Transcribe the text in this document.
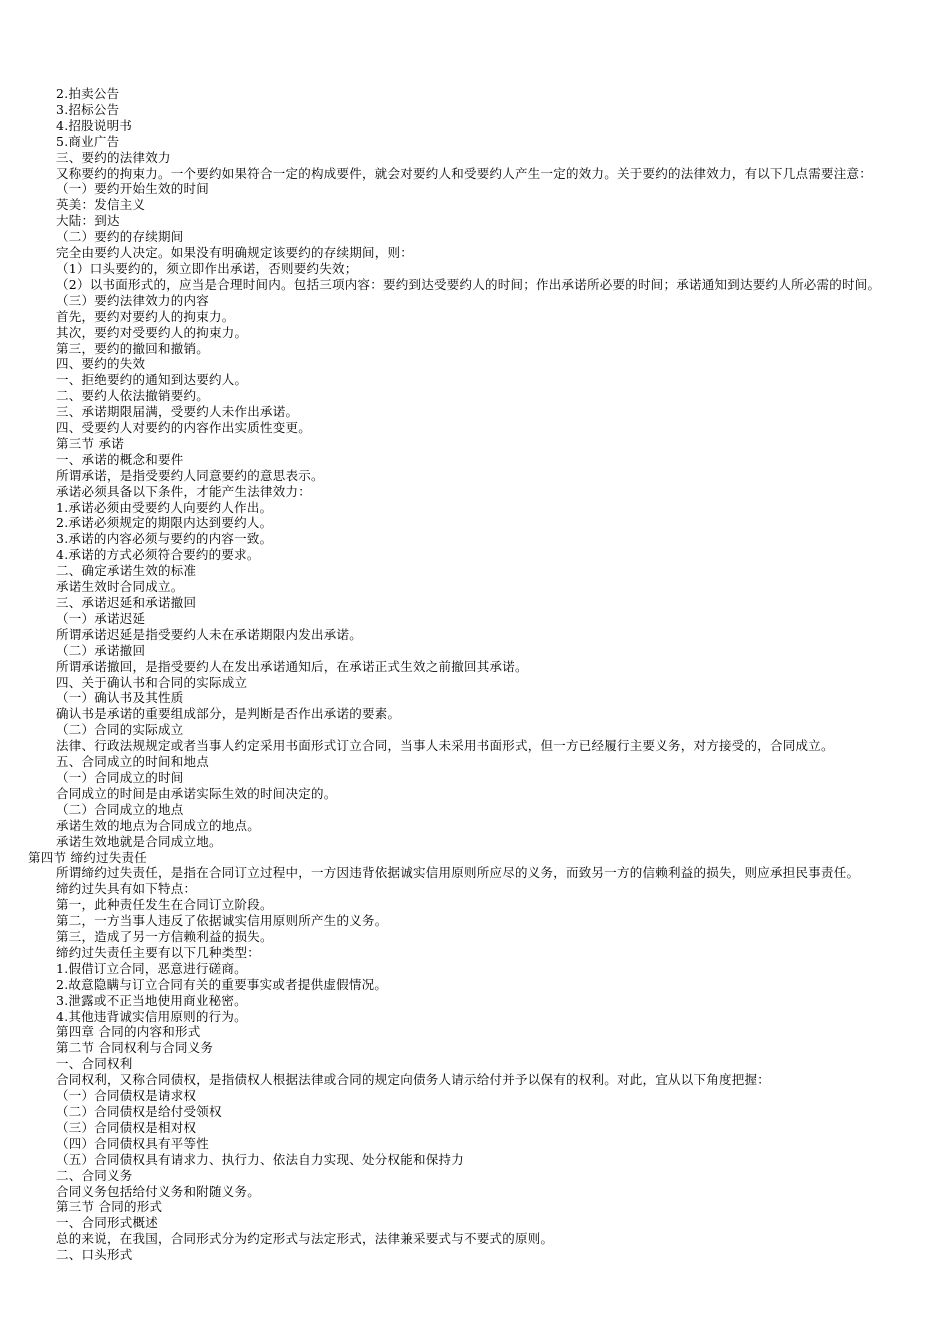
2.拍卖公告

3.招标公告

4.招股说明书

5.商业广告

三、要约的法律效力

又称要约的拘束力。一个要约如果符合一定的构成要件，就会对要约人和受要约人产生一定的效力。关于要约的法律效力，有以下几点需要注意：

（一）要约开始生效的时间

英美：发信主义

大陆：到达

（二）要约的存续期间

完全由要约人决定。如果没有明确规定该要约的存续期间，则：

（1）口头要约的，须立即作出承诺，否则要约失效；

（2）以书面形式的，应当是合理时间内。包括三项内容：要约到达受要约人的时间；作出承诺所必要的时间；承诺通知到达要约人所必需的时间。

（三）要约法律效力的内容

首先，要约对要约人的拘束力。

其次，要约对受要约人的拘束力。

第三，要约的撤回和撤销。

四、要约的失效

一、拒绝要约的通知到达要约人。

二、要约人依法撤销要约。

三、承诺期限届满，受要约人未作出承诺。

四、受要约人对要约的内容作出实质性变更。

第三节 承诺

一、承诺的概念和要件

所谓承诺，是指受要约人同意要约的意思表示。

承诺必须具备以下条件，才能产生法律效力：

1.承诺必须由受要约人向要约人作出。

2.承诺必须规定的期限内达到要约人。

3.承诺的内容必须与要约的内容一致。

4.承诺的方式必须符合要约的要求。

二、确定承诺生效的标准

承诺生效时合同成立。

三、承诺迟延和承诺撤回

（一）承诺迟延

所谓承诺迟延是指受要约人未在承诺期限内发出承诺。

（二）承诺撤回

所谓承诺撤回，是指受要约人在发出承诺通知后，在承诺正式生效之前撤回其承诺。

四、关于确认书和合同的实际成立

（一）确认书及其性质

确认书是承诺的重要组成部分，是判断是否作出承诺的要素。

（二）合同的实际成立

法律、行政法规规定或者当事人约定采用书面形式订立合同，当事人未采用书面形式，但一方已经履行主要义务，对方接受的，合同成立。

五、合同成立的时间和地点

（一）合同成立的时间

合同成立的时间是由承诺实际生效的时间决定的。

（二）合同成立的地点

承诺生效的地点为合同成立的地点。

承诺生效地就是合同成立地。

第四节 缔约过失责任

所谓缔约过失责任，是指在合同订立过程中，一方因违背依据诚实信用原则所应尽的义务，而致另一方的信赖利益的损失，则应承担民事责任。

缔约过失具有如下特点：

第一，此种责任发生在合同订立阶段。

第二，一方当事人违反了依据诚实信用原则所产生的义务。

第三，造成了另一方信赖利益的损失。

缔约过失责任主要有以下几种类型：

1.假借订立合同，恶意进行磋商。

2.故意隐瞒与订立合同有关的重要事实或者提供虚假情况。

3.泄露或不正当地使用商业秘密。

4.其他违背诚实信用原则的行为。

第四章 合同的内容和形式

第二节 合同权利与合同义务

一、合同权利

合同权利，又称合同债权，是指债权人根据法律或合同的规定向债务人请示给付并予以保有的权利。对此，宜从以下角度把握：

（一）合同债权是请求权

（二）合同债权是给付受领权

（三）合同债权是相对权

（四）合同债权具有平等性

（五）合同债权具有请求力、执行力、依法自力实现、处分权能和保持力

二、合同义务

合同义务包括给付义务和附随义务。

第三节 合同的形式

一、合同形式概述

总的来说，在我国，合同形式分为约定形式与法定形式，法律兼采要式与不要式的原则。

二、口头形式
